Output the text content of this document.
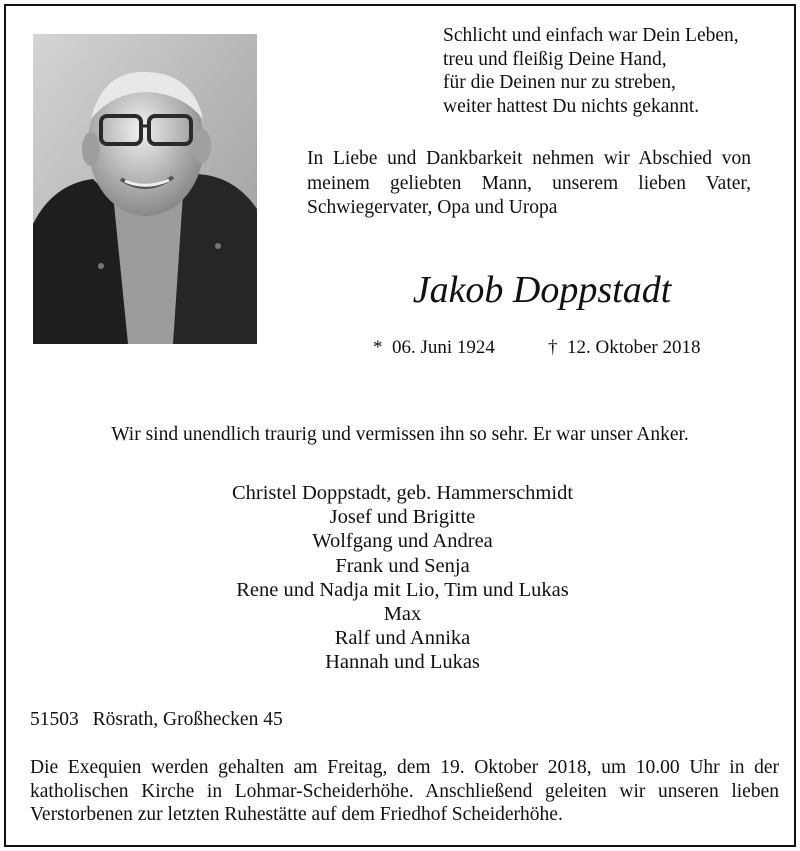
Schlicht und einfach war Dein Leben,
treu und fleißig Deine Hand,
für die Deinen nur zu streben,
weiter hattest Du nichts gekannt.
In Liebe und Dankbarkeit nehmen wir Abschied von meinem geliebten Mann, unserem lieben Vater, Schwiegervater, Opa und Uropa
Jakob Doppstadt
* 06. Juni 1924	† 12. Oktober 2018
Wir sind unendlich traurig und vermissen ihn so sehr. Er war unser Anker.
Christel Doppstadt, geb. Hammerschmidt
Josef und Brigitte
Wolfgang und Andrea
Frank und Senja
Rene und Nadja mit Lio, Tim und Lukas
Max
Ralf und Annika
Hannah und Lukas
51503 Rösrath, Großhecken 45
Die Exequien werden gehalten am Freitag, dem 19. Oktober 2018, um 10.00 Uhr in der katholischen Kirche in Lohmar-Scheiderhöhe. Anschließend geleiten wir unseren lieben Verstorbenen zur letzten Ruhestätte auf dem Friedhof Scheiderhöhe.
